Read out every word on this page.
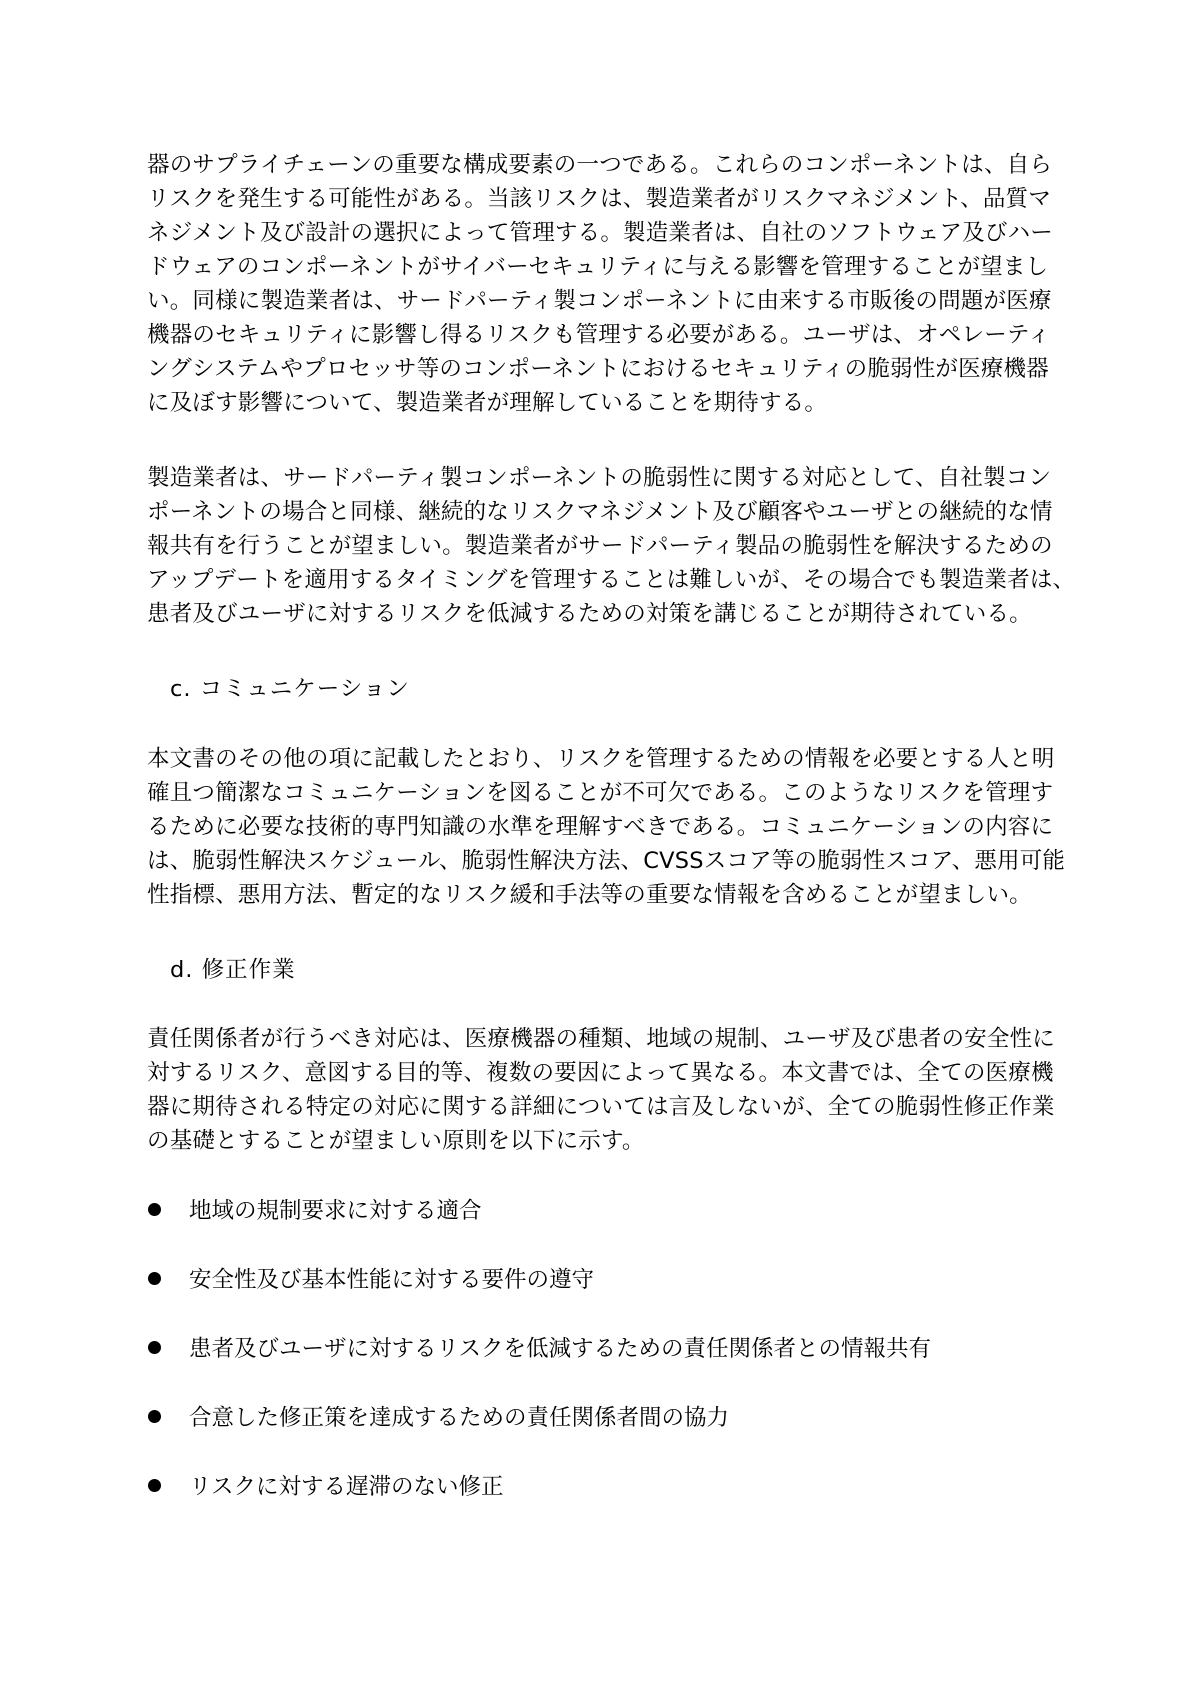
器のサプライチェーンの重要な構成要素の一つである。これらのコンポーネントは、自ら
リスクを発生する可能性がある。当該リスクは、製造業者がリスクマネジメント、品質マ
ネジメント及び設計の選択によって管理する。製造業者は、自社のソフトウェア及びハー
ドウェアのコンポーネントがサイバーセキュリティに与える影響を管理することが望まし
い。同様に製造業者は、サードパーティ製コンポーネントに由来する市販後の問題が医療
機器のセキュリティに影響し得るリスクも管理する必要がある。ユーザは、オペレーティ
ングシステムやプロセッサ等のコンポーネントにおけるセキュリティの脆弱性が医療機器
に及ぼす影響について、製造業者が理解していることを期待する。
製造業者は、サードパーティ製コンポーネントの脆弱性に関する対応として、自社製コン
ポーネントの場合と同様、継続的なリスクマネジメント及び顧客やユーザとの継続的な情
報共有を行うことが望ましい。製造業者がサードパーティ製品の脆弱性を解決するための
アップデートを適用するタイミングを管理することは難しいが、その場合でも製造業者は、
患者及びユーザに対するリスクを低減するための対策を講じることが期待されている。
c. コミュニケーション
本文書のその他の項に記載したとおり、リスクを管理するための情報を必要とする人と明
確且つ簡潔なコミュニケーションを図ることが不可欠である。このようなリスクを管理す
るために必要な技術的専門知識の水準を理解すべきである。コミュニケーションの内容に
は、脆弱性解決スケジュール、脆弱性解決方法、CVSSスコア等の脆弱性スコア、悪用可能
性指標、悪用方法、暫定的なリスク緩和手法等の重要な情報を含めることが望ましい。
d. 修正作業
責任関係者が行うべき対応は、医療機器の種類、地域の規制、ユーザ及び患者の安全性に
対するリスク、意図する目的等、複数の要因によって異なる。本文書では、全ての医療機
器に期待される特定の対応に関する詳細については言及しないが、全ての脆弱性修正作業
の基礎とすることが望ましい原則を以下に示す。
地域の規制要求に対する適合
安全性及び基本性能に対する要件の遵守
患者及びユーザに対するリスクを低減するための責任関係者との情報共有
合意した修正策を達成するための責任関係者間の協力
リスクに対する遅滞のない修正
